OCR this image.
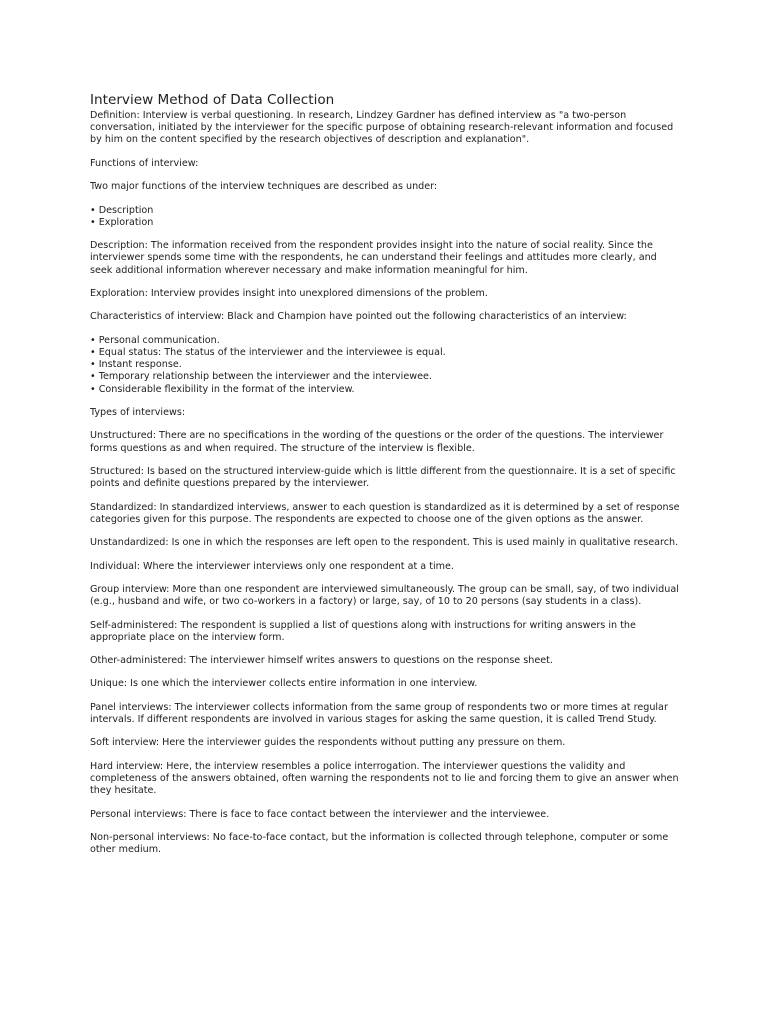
Interview Method of Data Collection

Definition: Interview is verbal questioning. In research, Lindzey Gardner has defined interview as "a two-person conversation, initiated by the interviewer for the specific purpose of obtaining research-relevant information and focused by him on the content specified by the research objectives of description and explanation".

Functions of interview:

Two major functions of the interview techniques are described as under:

• Description
• Exploration

Description: The information received from the respondent provides insight into the nature of social reality. Since the interviewer spends some time with the respondents, he can understand their feelings and attitudes more clearly, and seek additional information wherever necessary and make information meaningful for him.

Exploration: Interview provides insight into unexplored dimensions of the problem.

Characteristics of interview: Black and Champion have pointed out the following characteristics of an interview:

• Personal communication.
• Equal status: The status of the interviewer and the interviewee is equal.
• Instant response.
• Temporary relationship between the interviewer and the interviewee.
• Considerable flexibility in the format of the interview.

Types of interviews:

Unstructured: There are no specifications in the wording of the questions or the order of the questions. The interviewer forms questions as and when required. The structure of the interview is flexible.

Structured: Is based on the structured interview-guide which is little different from the questionnaire. It is a set of specific points and definite questions prepared by the interviewer.

Standardized: In standardized interviews, answer to each question is standardized as it is determined by a set of response categories given for this purpose. The respondents are expected to choose one of the given options as the answer.

Unstandardized: Is one in which the responses are left open to the respondent. This is used mainly in qualitative research.

Individual: Where the interviewer interviews only one respondent at a time.

Group interview: More than one respondent are interviewed simultaneously. The group can be small, say, of two individual (e.g., husband and wife, or two co-workers in a factory) or large, say, of 10 to 20 persons (say students in a class).

Self-administered: The respondent is supplied a list of questions along with instructions for writing answers in the appropriate place on the interview form.

Other-administered: The interviewer himself writes answers to questions on the response sheet.

Unique: Is one which the interviewer collects entire information in one interview.

Panel interviews: The interviewer collects information from the same group of respondents two or more times at regular intervals. If different respondents are involved in various stages for asking the same question, it is called Trend Study.

Soft interview: Here the interviewer guides the respondents without putting any pressure on them.

Hard interview: Here, the interview resembles a police interrogation. The interviewer questions the validity and completeness of the answers obtained, often warning the respondents not to lie and forcing them to give an answer when they hesitate.

Personal interviews: There is face to face contact between the interviewer and the interviewee.

Non-personal interviews: No face-to-face contact, but the information is collected through telephone, computer or some other medium.
